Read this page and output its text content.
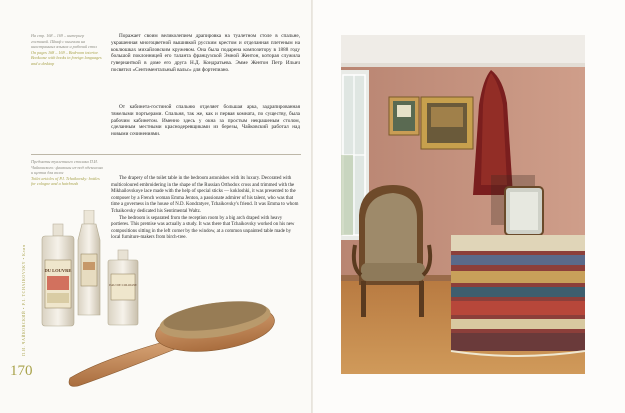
На стр. 168 – 169 – интерьер гостиной. Шкаф с книгами на иностранных языках и рабочий стол
On pages 168 – 169 – Bedroom interior. Bookcase with books in foreign languages and a desktop

Поражает своим великолепием драпировка на туалетном столе в спальне, украшенная многоцветной вышивкой русским крестом и отделанная плетеным на коклюшках михайловским кружевом. Она была подарена композитору в 1888 году большой поклонницей его таланта французской Эмной Жентон, которая служила гувернанткой в доме его друга Н.Д. Кондратьева. Эмме Жентон Петр Ильич посвятил «Сентиментальный вальс» для фортепиано.

От кабинета-гостиной спальню отделяет большая арка, задрапированная тяжелыми портьерами. Спальня, так же, как и первая комната, по существу, была рабочим кабинетом. Именно здесь у окна за простым некрашеным столом, сделанным местными краснодеревщиками из березы, Чайковский работал над новыми сочинениями.

Предметы туалетного столика П.И. Чайковского: флаконы из-под одеколона и щетка для волос
Toilet articles of P.I. Tchaikovsky: bottles for cologne and a hairbrush

The drapery of the toilet table in the bedroom astonishes with its luxury. Decorated with multicoloured embroidering in the shape of the Russian Orthodox cross and trimmed with the Mikhailovskoye lace made with the help of special sticks — kokloshki, it was presented to the composer by a French woman Emma Jenton, a passionate admirer of his talent, who was that time a governess in the house of N.D. Kondratyev, Tchaikovsky's friend. It was Emma to whom Tchaikovsky dedicated his Sentimental Waltz.

The bedroom is separated from the reception room by a big arch draped with heavy portieres. This premise was actually a study. It was there that Tchaikovsky worked on his new compositions sitting in the left corner by the window, at a common unpainted table made by local furniture-makers from birch-tree.

DU LOUVRE
EAU DE COLOGNE
П.И. ЧАЙКОВСКИЙ • P.I. TCHAIKOVSKY • Клин
170
